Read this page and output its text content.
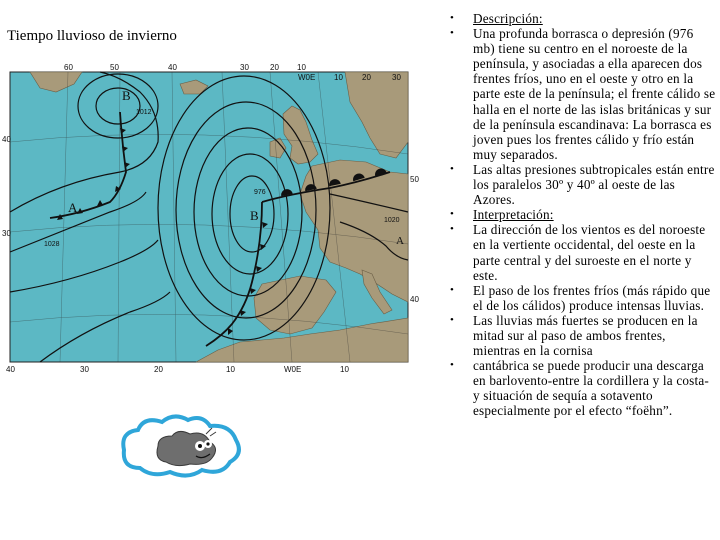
Tiempo lluvioso de invierno
60	50	40	30	20 10
W0E 10 20	30
40	30	20	10	W0E	10
40
30
50
40
B
B
A
A
1012
976
1020
1028
• Descripción:
• Una profunda borrasca o depresión (976 mb) tiene su centro en el noroeste de la península, y asociadas a ella aparecen dos frentes fríos, uno en el oeste y otro en la parte este de la península; el frente cálido se halla en el norte de las islas británicas y sur de la península escandinava: La borrasca es joven pues los frentes cálido y frío están muy separados.
• Las altas presiones subtropicales están entre los paralelos 30º y 40º al oeste de las Azores.
• Interpretación:
• La dirección de los vientos es del noroeste en la vertiente occidental, del oeste en la parte central y del suroeste en el norte y este.
• El paso de los frentes fríos (más rápido que el de los cálidos) produce intensas lluvias.
• Las lluvias más fuertes se producen en la mitad sur al paso de ambos frentes, mientras en la cornisa
• cantábrica se puede producir una descarga en barlovento-entre la cordillera y la costa- y situación de sequía a sotavento especialmente por el efecto “foëhn”.
